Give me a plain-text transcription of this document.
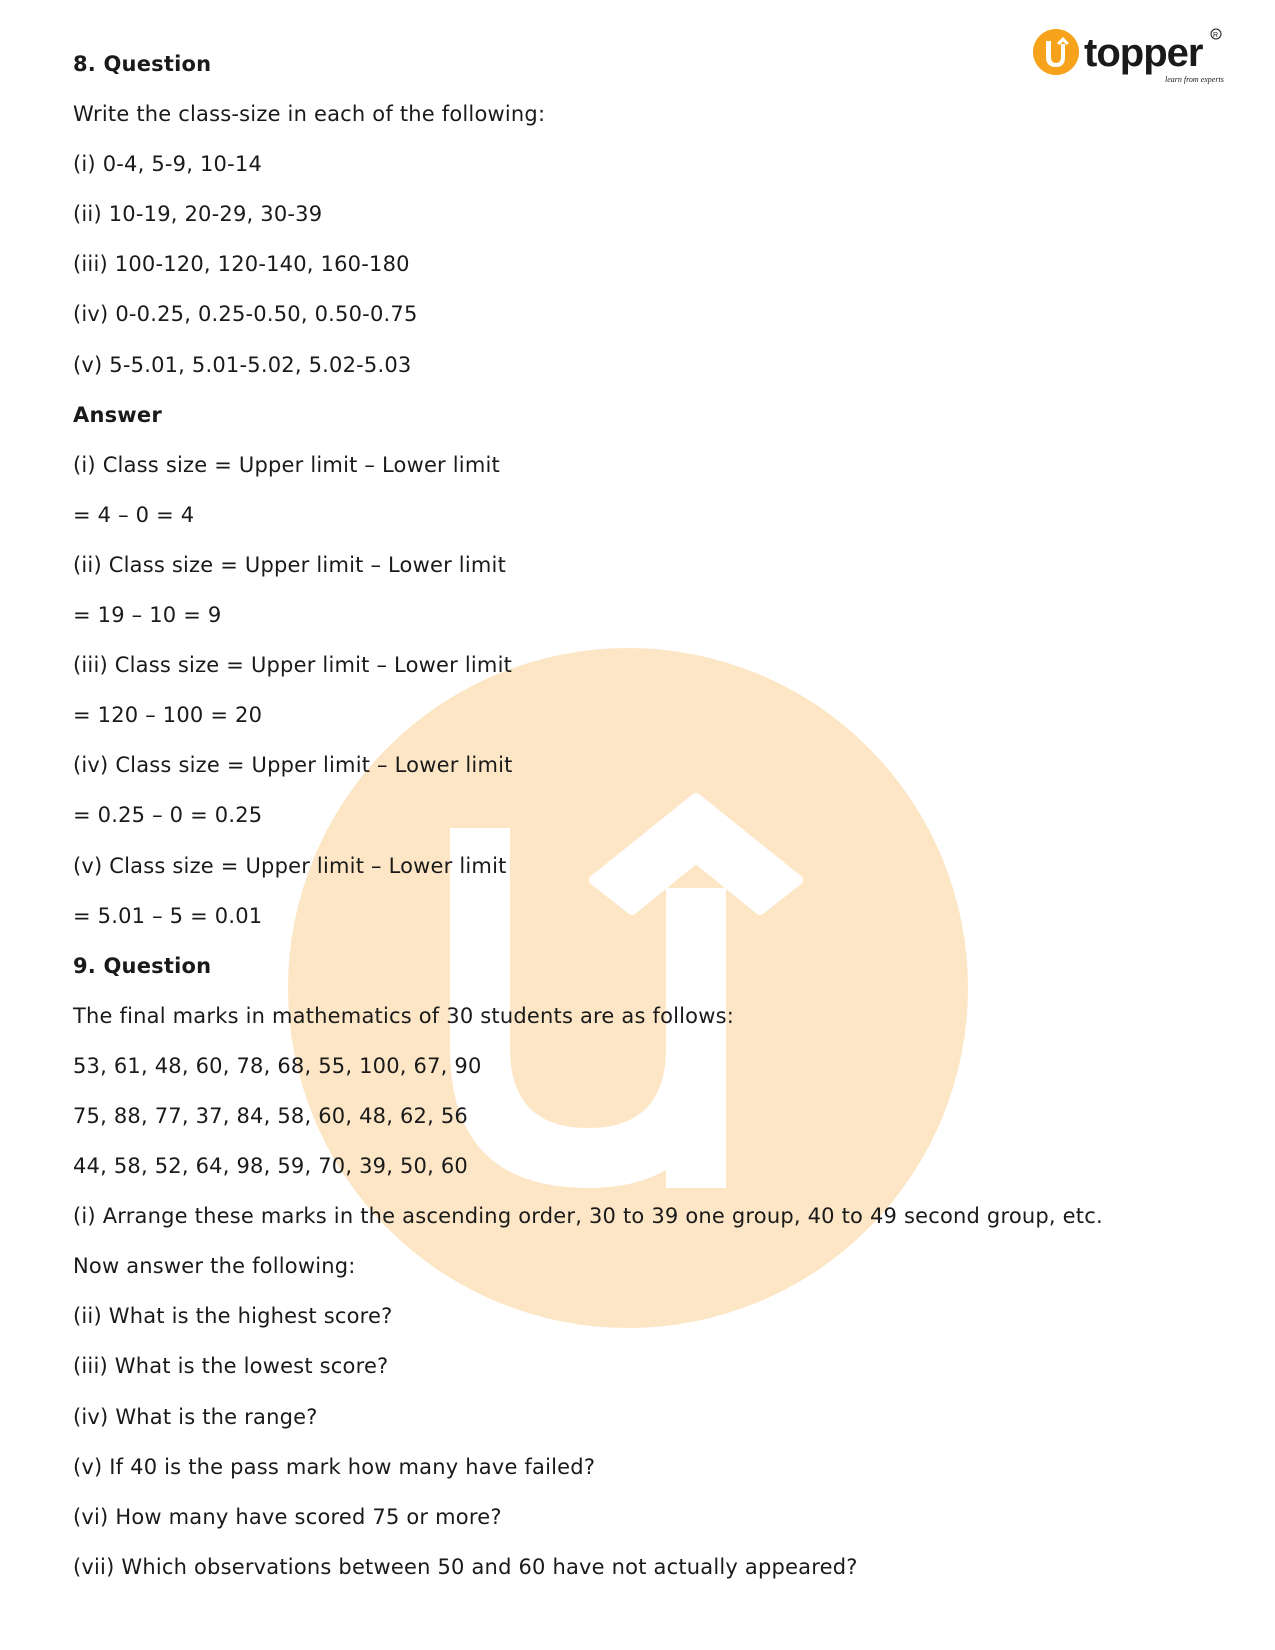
topper
learn from experts
R
8. Question
Write the class-size in each of the following:
(i) 0-4, 5-9, 10-14
(ii) 10-19, 20-29, 30-39
(iii) 100-120, 120-140, 160-180
(iv) 0-0.25, 0.25-0.50, 0.50-0.75
(v) 5-5.01, 5.01-5.02, 5.02-5.03
Answer
(i) Class size = Upper limit – Lower limit
= 4 – 0 = 4
(ii) Class size = Upper limit – Lower limit
= 19 – 10 = 9
(iii) Class size = Upper limit – Lower limit
= 120 – 100 = 20
(iv) Class size = Upper limit – Lower limit
= 0.25 – 0 = 0.25
(v) Class size = Upper limit – Lower limit
= 5.01 – 5 = 0.01
9. Question
The final marks in mathematics of 30 students are as follows:
53, 61, 48, 60, 78, 68, 55, 100, 67, 90
75, 88, 77, 37, 84, 58, 60, 48, 62, 56
44, 58, 52, 64, 98, 59, 70, 39, 50, 60
(i) Arrange these marks in the ascending order, 30 to 39 one group, 40 to 49 second group, etc.
Now answer the following:
(ii) What is the highest score?
(iii) What is the lowest score?
(iv) What is the range?
(v) If 40 is the pass mark how many have failed?
(vi) How many have scored 75 or more?
(vii) Which observations between 50 and 60 have not actually appeared?
